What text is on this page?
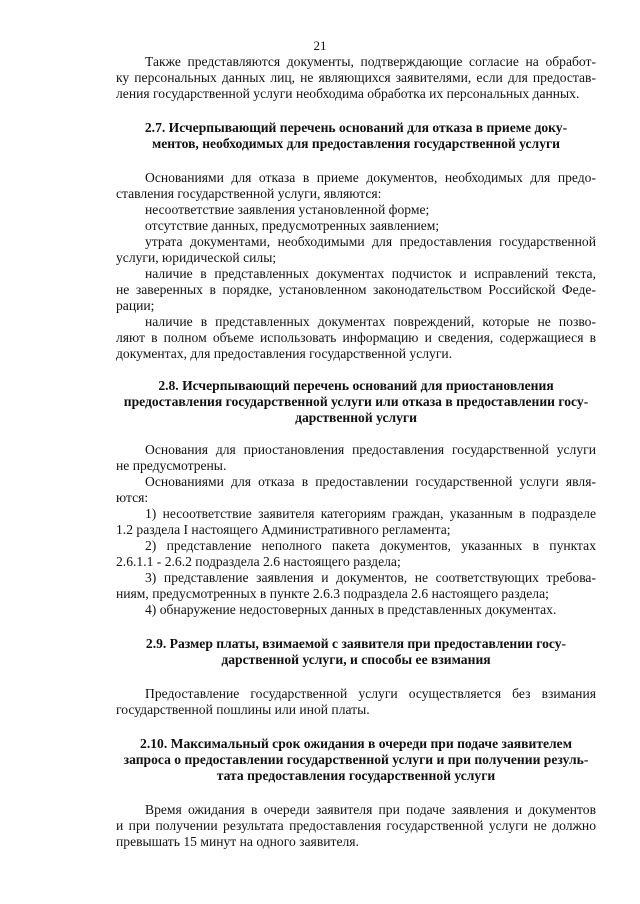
21
Также представляются документы, подтверждающие согласие на обработ-
ку персональных данных лиц, не являющихся заявителями, если для предостав-
ления государственной услуги необходима обработка их персональных данных.
2.7. Исчерпывающий перечень оснований для отказа в приеме доку-
ментов, необходимых для предоставления государственной услуги
Основаниями для отказа в приеме документов, необходимых для предо-
ставления государственной услуги, являются:
несоответствие заявления установленной форме;
отсутствие данных, предусмотренных заявлением;
утрата документами, необходимыми для предоставления государственной
услуги, юридической силы;
наличие в представленных документах подчисток и исправлений текста,
не заверенных в порядке, установленном законодательством Российской Феде-
рации;
наличие в представленных документах повреждений, которые не позво-
ляют в полном объеме использовать информацию и сведения, содержащиеся в
документах, для предоставления государственной услуги.
2.8. Исчерпывающий перечень оснований для приостановления
предоставления государственной услуги или отказа в предоставлении госу-
дарственной услуги
Основания для приостановления предоставления государственной услуги
не предусмотрены.
Основаниями для отказа в предоставлении государственной услуги явля-
ются:
1) несоответствие заявителя категориям граждан, указанным в подразделе
1.2 раздела I настоящего Административного регламента;
2) представление неполного пакета документов, указанных в пунктах
2.6.1.1 - 2.6.2 подраздела 2.6 настоящего раздела;
3) представление заявления и документов, не соответствующих требова-
ниям, предусмотренных в пункте 2.6.3 подраздела 2.6 настоящего раздела;
4) обнаружение недостоверных данных в представленных документах.
2.9. Размер платы, взимаемой с заявителя при предоставлении госу-
дарственной услуги, и способы ее взимания
Предоставление государственной услуги осуществляется без взимания
государственной пошлины или иной платы.
2.10. Максимальный срок ожидания в очереди при подаче заявителем
запроса о предоставлении государственной услуги и при получении резуль-
тата предоставления государственной услуги
Время ожидания в очереди заявителя при подаче заявления и документов
и при получении результата предоставления государственной услуги не должно
превышать 15 минут на одного заявителя.
